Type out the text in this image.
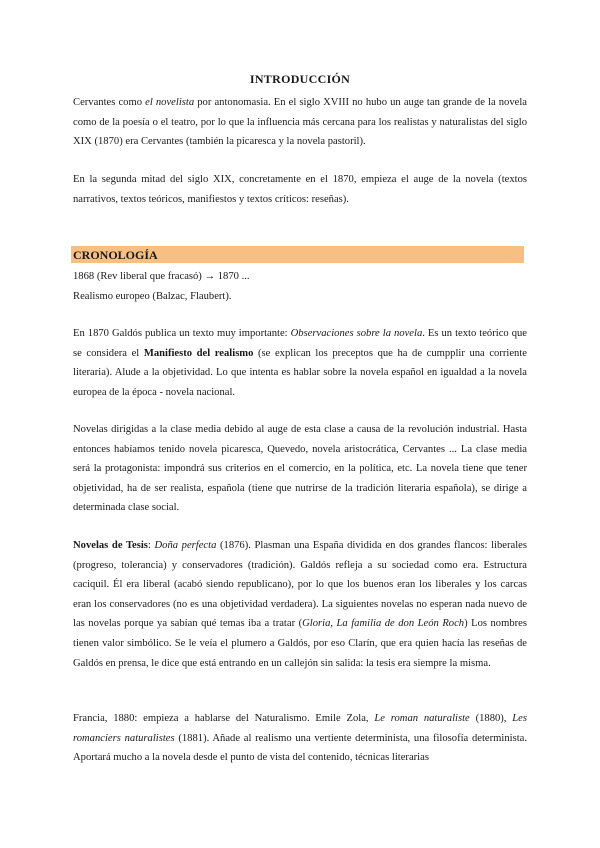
INTRODUCCIÓN

Cervantes como el novelista por antonomasia. En el siglo XVIII no hubo un auge tan grande de la novela como de la poesía o el teatro, por lo que la influencia más cercana para los realistas y naturalistas del siglo XIX (1870) era Cervantes (también la picaresca y la novela pastoril).

En la segunda mitad del siglo XIX, concretamente en el 1870, empieza el auge de la novela (textos narrativos, textos teóricos, manifiestos y textos críticos: reseñas).

CRONOLOGÍA

1868 (Rev liberal que fracasó) → 1870 ...

Realismo europeo (Balzac, Flaubert).

En 1870 Galdós publica un texto muy importante: Observaciones sobre la novela. Es un texto teórico que se considera el Manifiesto del realismo (se explican los preceptos que ha de cumpplir una corriente literaria). Alude a la objetividad. Lo que intenta es hablar sobre la novela español en igualdad a la novela europea de la época - novela nacional.

Novelas dirigidas a la clase media debido al auge de esta clase a causa de la revolución industrial. Hasta entonces habíamos tenido novela picaresca, Quevedo, novela aristocrática, Cervantes ... La clase media será la protagonista: impondrá sus criterios en el comercio, en la política, etc. La novela tiene que tener objetividad, ha de ser realista, española (tiene que nutrirse de la tradición literaria española), se dirige a determinada clase social.

Novelas de Tesis: Doña perfecta (1876). Plasman una España dividida en dos grandes flancos: liberales (progreso, tolerancia) y conservadores (tradición). Galdós refleja a su sociedad como era. Estructura caciquil. Él era liberal (acabó siendo republicano), por lo que los buenos eran los liberales y los carcas eran los conservadores (no es una objetividad verdadera). La siguientes novelas no esperan nada nuevo de las novelas porque ya sabían qué temas iba a tratar (Gloria, La familia de don León Roch) Los nombres tienen valor simbólico. Se le veía el plumero a Galdós, por eso Clarín, que era quien hacía las reseñas de Galdós en prensa, le dice que está entrando en un callejón sin salida: la tesis era siempre la misma.

Francia, 1880: empieza a hablarse del Naturalismo. Emile Zola, Le roman naturaliste (1880), Les romanciers naturalistes (1881). Añade al realismo una vertiente determinista, una filosofía determinista. Aportará mucho a la novela desde el punto de vista del contenido, técnicas literarias
